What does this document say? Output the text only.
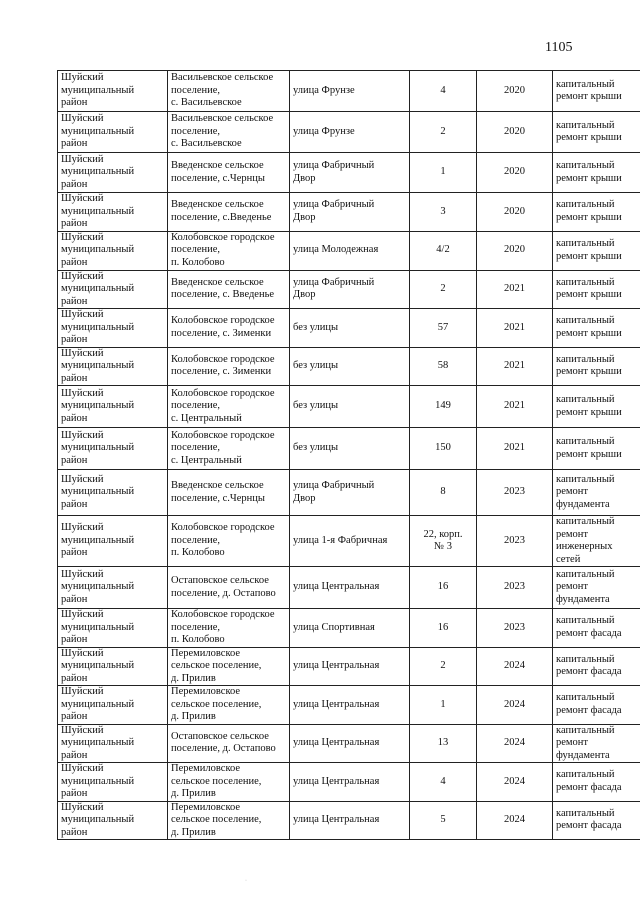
1105
Шуйский
муниципальный
район	Васильевское сельское
поселение,
с. Васильевское	улица Фрунзе	4	2020	капитальный
ремонт крыши

Шуйский
муниципальный
район	Васильевское сельское
поселение,
с. Васильевское	улица Фрунзе	2	2020	капитальный
ремонт крыши

Шуйский
муниципальный
район	Введенское сельское
поселение, с.Чернцы	улица Фабричный
Двор	1	2020	капитальный
ремонт крыши

Шуйский
муниципальный
район	Введенское сельское
поселение, с.Введенье	улица Фабричный
Двор	3	2020	капитальный
ремонт крыши

Шуйский
муниципальный
район	Колобовское городское
поселение,
п. Колобово	улица Молодежная	4/2	2020	капитальный
ремонт крыши

Шуйский
муниципальный
район	Введенское сельское
поселение, с. Введенье	улица Фабричный
Двор	2	2021	капитальный
ремонт крыши

Шуйский
муниципальный
район	Колобовское городское
поселение, с. Зименки	без улицы	57	2021	капитальный
ремонт крыши

Шуйский
муниципальный
район	Колобовское городское
поселение, с. Зименки	без улицы	58	2021	капитальный
ремонт крыши

Шуйский
муниципальный
район	Колобовское городское
поселение,
с. Центральный	без улицы	149	2021	капитальный
ремонт крыши

Шуйский
муниципальный
район	Колобовское городское
поселение,
с. Центральный	без улицы	150	2021	капитальный
ремонт крыши

Шуйский
муниципальный
район	Введенское сельское
поселение, с.Чернцы	улица Фабричный
Двор	8	2023	капитальный
ремонт
фундамента

Шуйский
муниципальный
район	Колобовское городское
поселение,
п. Колобово	улица 1-я Фабричная	22, корп.
№ 3	2023	капитальный
ремонт
инженерных
сетей

Шуйский
муниципальный
район	Остаповское сельское
поселение, д. Остапово	улица Центральная	16	2023	капитальный
ремонт
фундамента

Шуйский
муниципальный
район	Колобовское городское
поселение,
п. Колобово	улица Спортивная	16	2023	капитальный
ремонт фасада

Шуйский
муниципальный
район	Перемиловское
сельское поселение,
д. Прилив	улица Центральная	2	2024	капитальный
ремонт фасада

Шуйский
муниципальный
район	Перемиловское
сельское поселение,
д. Прилив	улица Центральная	1	2024	капитальный
ремонт фасада

Шуйский
муниципальный
район	Остаповское сельское
поселение, д. Остапово	улица Центральная	13	2024	капитальный
ремонт
фундамента

Шуйский
муниципальный
район	Перемиловское
сельское поселение,
д. Прилив	улица Центральная	4	2024	капитальный
ремонт фасада

Шуйский
муниципальный
район	Перемиловское
сельское поселение,
д. Прилив	улица Центральная	5	2024	капитальный
ремонт фасада
·
